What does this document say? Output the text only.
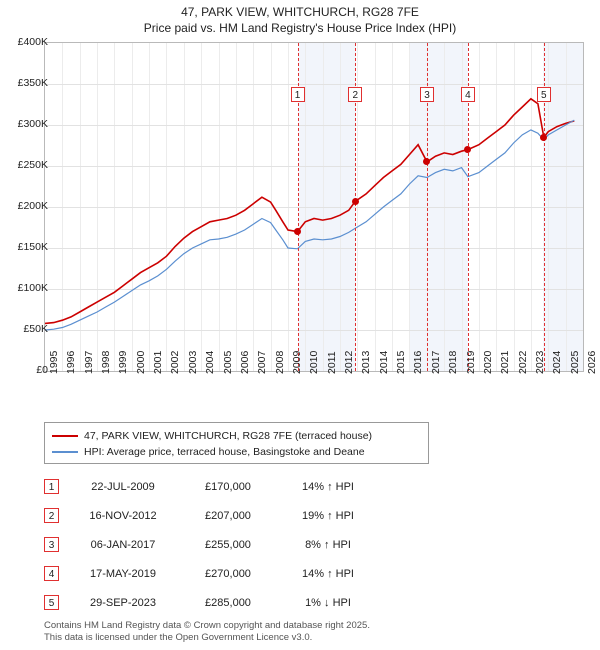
47, PARK VIEW, WHITCHURCH, RG28 7FE
Price paid vs. HM Land Registry's House Price Index (HPI)
1	2	3	4	5
£0
£50K
£100K
£150K
£200K
£250K
£300K
£350K
£400K
1995 1996 1997 1998 1999 2000 2001 2002 2003 2004 2005 2006 2007 2008 2009 2010 2011 2012 2013 2014 2015 2016 2017 2018 2019 2020 2021 2022 2023 2024 2025 2026
47, PARK VIEW, WHITCHURCH, RG28 7FE (terraced house)
HPI: Average price, terraced house, Basingstoke and Deane
1	22-JUL-2009	£170,000	14% ↑ HPI
2	16-NOV-2012	£207,000	19% ↑ HPI
3	06-JAN-2017	£255,000	8% ↑ HPI
4	17-MAY-2019	£270,000	14% ↑ HPI
5	29-SEP-2023	£285,000	1% ↓ HPI
Contains HM Land Registry data © Crown copyright and database right 2025.
This data is licensed under the Open Government Licence v3.0.
